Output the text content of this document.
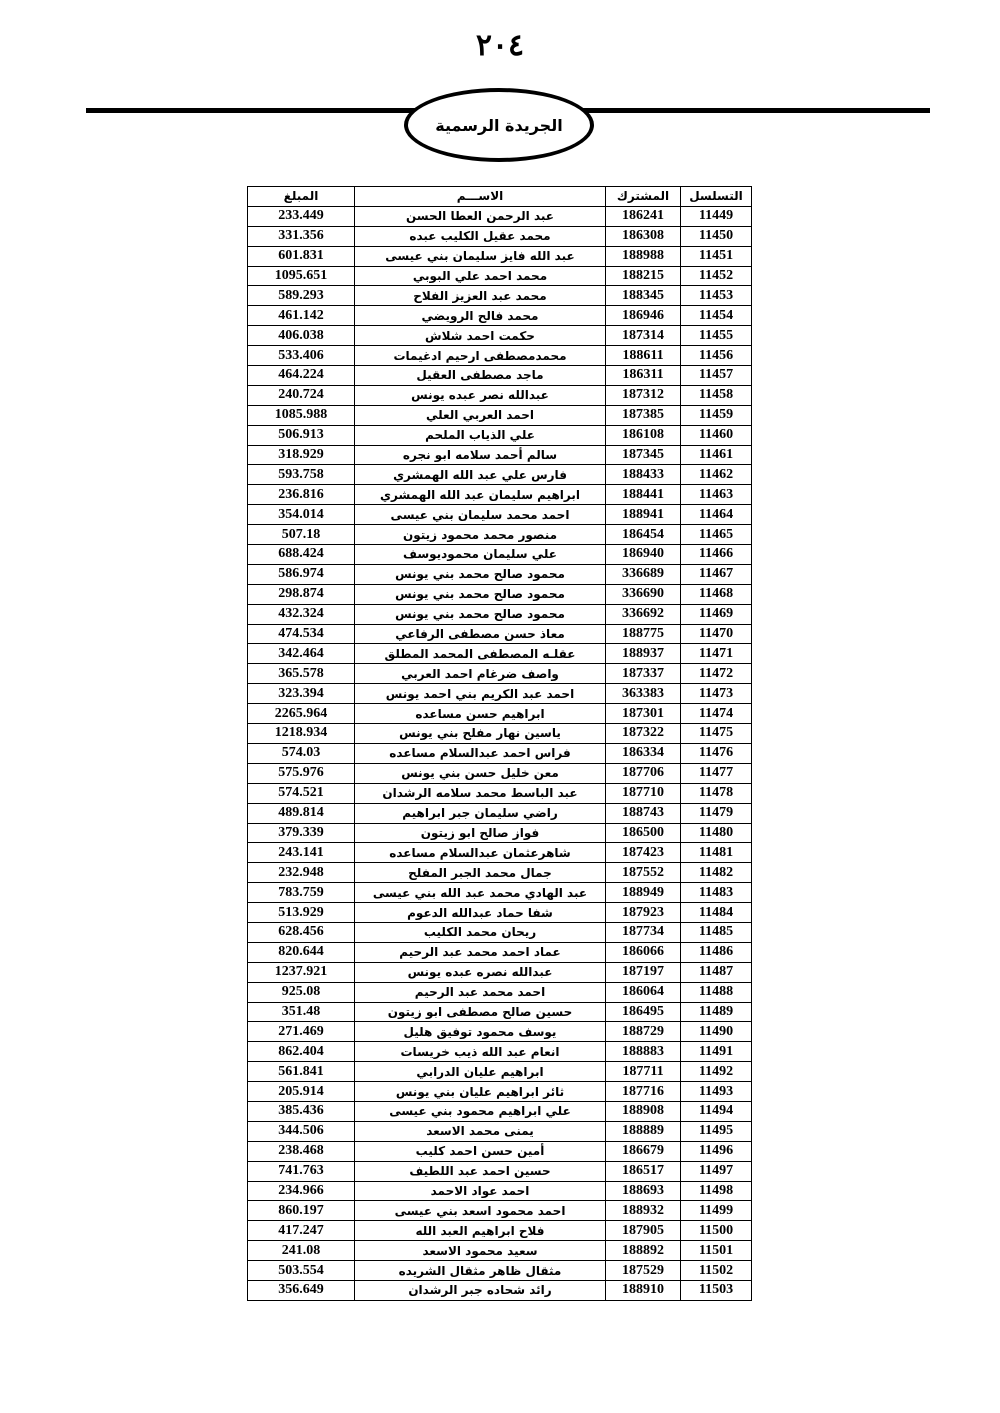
٢٠٤
الجريدة الرسمية
التسلسل	المشترك	الاســـم	المبلغ
11449	186241	عبد الرحمن العطا الحسن	233.449
11450	186308	محمد عقيل الكليب عبده	331.356
11451	188988	عبد الله فايز سليمان بني عيسى	601.831
11452	188215	محمد احمد علي البوبي	1095.651
11453	188345	محمد عبد العزيز الفلاح	589.293
11454	186946	محمد فالح الرويضي	461.142
11455	187314	حكمت احمد شلاش	406.038
11456	188611	محمدمصطفى ارحيم ادغيمات	533.406
11457	186311	ماجد مصطفى العقيل	464.224
11458	187312	عبدالله نصر عبده يونس	240.724
11459	187385	احمد العربي العلي	1085.988
11460	186108	علي الذياب الملحم	506.913
11461	187345	سالم أحمد سلامه ابو نجره	318.929
11462	188433	فارس علي عبد الله الهمشري	593.758
11463	188441	ابراهيم سليمان عبد الله الهمشري	236.816
11464	188941	احمد محمد سليمان بني عيسى	354.014
11465	186454	منصور محمد محمود زيتون	507.18
11466	186940	علي سليمان محموديوسف	688.424
11467	336689	محمود صالح محمد بني يونس	586.974
11468	336690	محمود صالح محمد بني يونس	298.874
11469	336692	محمود صالح محمد بني يونس	432.324
11470	188775	معاذ حسن مصطفى الرفاعي	474.534
11471	188937	عقلـه المصطفى المحمد المطلق	342.464
11472	187337	واصف ضرغام احمد العربي	365.578
11473	363383	احمد عبد الكريم بني احمد يونس	323.394
11474	187301	ابراهيم حسن مساعده	2265.964
11475	187322	ياسين نهار مفلح بني يونس	1218.934
11476	186334	فراس احمد عبدالسلام مساعده	574.03
11477	187706	معن خليل حسن بني يونس	575.976
11478	187710	عبد الباسط محمد سلامه الرشدان	574.521
11479	188743	راضي سليمان جبر ابراهيم	489.814
11480	186500	فواز صالح ابو زيتون	379.339
11481	187423	شاهرعثمان عبدالسلام مساعده	243.141
11482	187552	جمال محمد الجبر المفلح	232.948
11483	188949	عبد الهادي محمد عبد الله بني عيسى	783.759
11484	187923	شفا حماد عبدالله الدعوم	513.929
11485	187734	ريحان محمد الكليب	628.456
11486	186066	عماد احمد محمد عبد الرحيم	820.644
11487	187197	عبدالله نصره عبده يونس	1237.921
11488	186064	احمد محمد عبد الرحيم	925.08
11489	186495	حسين صالح مصطفى ابو زيتون	351.48
11490	188729	يوسف محمود توفيق هليل	271.469
11491	188883	انعام عبد الله ذيب خريسات	862.404
11492	187711	ابراهيم عليان الدرابي	561.841
11493	187716	ثائر ابراهيم عليان بني يونس	205.914
11494	188908	علي ابراهيم محمود بني عيسى	385.436
11495	188889	يمنى محمد الاسعد	344.506
11496	186679	أمين حسن احمد كليب	238.468
11497	186517	حسين احمد عبد اللطيف	741.763
11498	188693	احمد عواد الاحمد	234.966
11499	188932	احمد محمود اسعد بني عيسى	860.197
11500	187905	فلاح ابراهيم العبد الله	417.247
11501	188892	سعيد محمود الاسعد	241.08
11502	187529	مثقال ظاهر مثقال الشريده	503.554
11503	188910	رائد شحاده جبر الرشدان	356.649
